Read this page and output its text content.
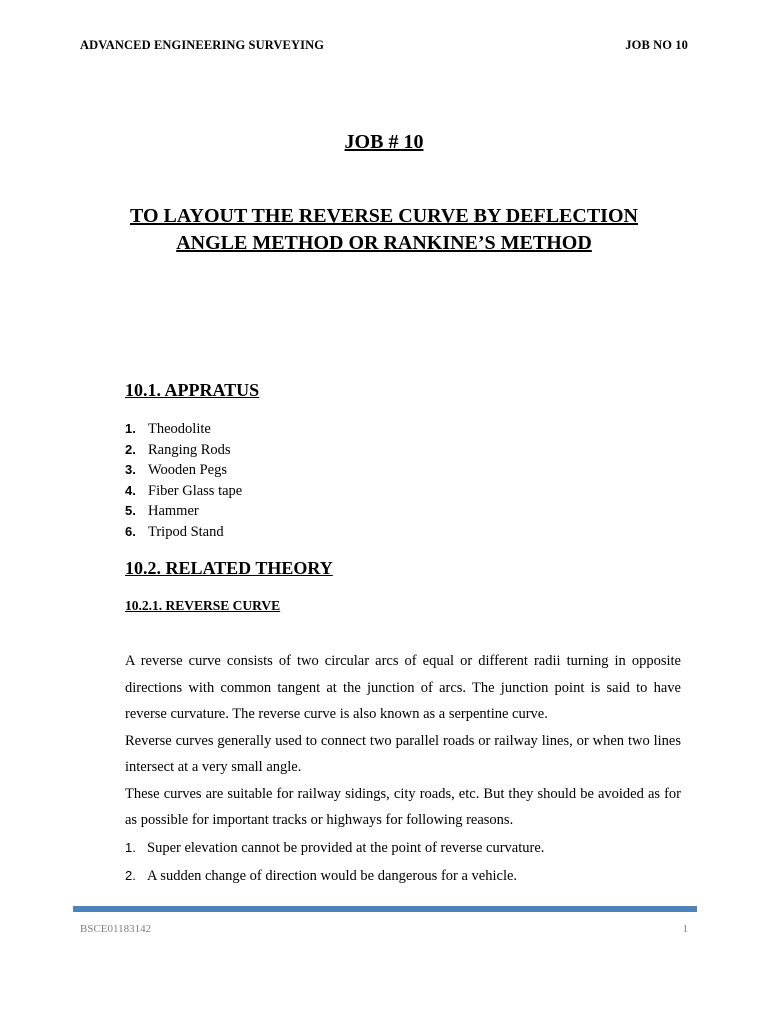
ADVANCED ENGINEERING SURVEYING	JOB NO 10
JOB # 10
TO LAYOUT THE REVERSE CURVE BY DEFLECTION
ANGLE METHOD OR RANKINE’S METHOD
10.1. APPRATUS
1. Theodolite
2. Ranging Rods
3. Wooden Pegs
4. Fiber Glass tape
5. Hammer
6. Tripod Stand
10.2. RELATED THEORY
10.2.1. REVERSE CURVE

A reverse curve consists of two circular arcs of equal or different radii turning in opposite directions with common tangent at the junction of arcs. The junction point is said to have reverse curvature. The reverse curve is also known as a serpentine curve.

Reverse curves generally used to connect two parallel roads or railway lines, or when two lines intersect at a very small angle.

These curves are suitable for railway sidings, city roads, etc. But they should be avoided as for as possible for important tracks or highways for following reasons.

1. Super elevation cannot be provided at the point of reverse curvature.
2. A sudden change of direction would be dangerous for a vehicle.
BSCE01183142	1
